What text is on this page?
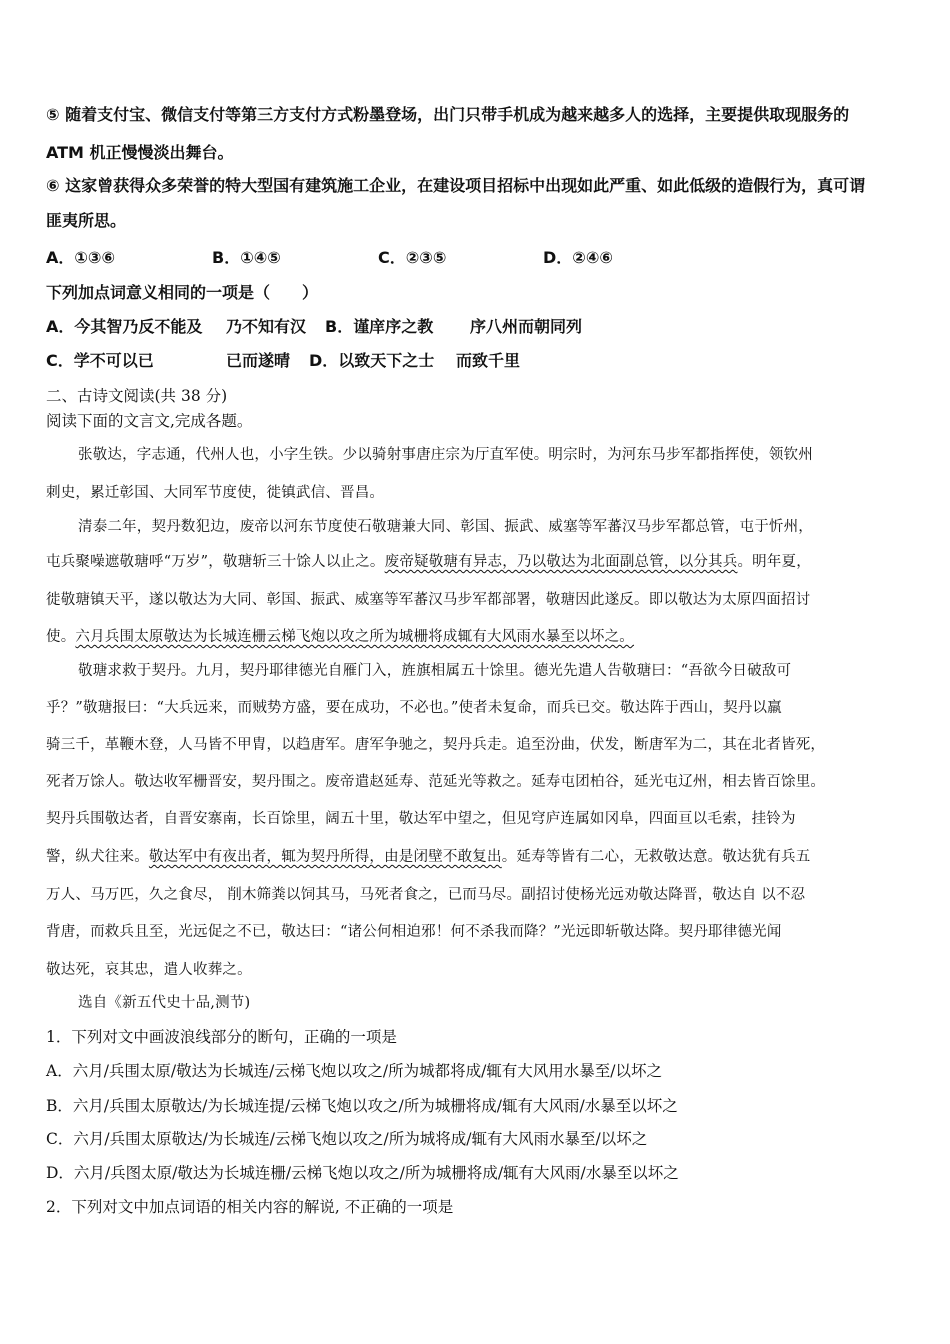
⑤ 随着支付宝、微信支付等第三方支付方式粉墨登场，出门只带手机成为越来越多人的选择，主要提供取现服务的
ATM 机正慢慢淡出舞台。
⑥ 这家曾获得众多荣誉的特大型国有建筑施工企业，在建设项目招标中出现如此严重、如此低级的造假行为，真可谓
匪夷所思。
A．①③⑥	B．①④⑤	C．②③⑤	D．②④⑥
下列加点词意义相同的一项是（　　）
A．今其智乃反不能及 乃不知有汉 B．谨庠序之教 序八州而朝同列
C．学不可以已	已而遂晴 D．以致天下之士 而致千里
二、古诗文阅读(共 38 分)
阅读下面的文言文,完成各题。
张敬达，字志通，代州人也，小字生铁。少以骑射事唐庄宗为厅直军使。明宗时，为河东马步军都指挥使，领钦州
刺史，累迁彰国、大同军节度使，徙镇武信、晋昌。
清泰二年，契丹数犯边，废帝以河东节度使石敬瑭兼大同、彰国、振武、威塞等军蕃汉马步军都总管，屯于忻州，
屯兵聚噪遮敬瑭呼“万岁”，敬瑭斩三十馀人以止之。废帝疑敬瑭有异志，乃以敬达为北面副总管，以分其兵。明年夏，
徙敬瑭镇天平，遂以敬达为大同、彰国、振武、威塞等军蕃汉马步军都部署，敬瑭因此遂反。即以敬达为太原四面招讨
使。六月兵围太原敬达为长城连栅云梯飞炮以攻之所为城栅将成辄有大风雨水暴至以坏之。
敬瑭求救于契丹。九月，契丹耶律德光自雁门入，旌旗相属五十馀里。德光先遣人告敬瑭曰：“吾欲今日破敌可
乎？”敬瑭报曰：“大兵远来，而贼势方盛，要在成功，不必也。”使者未复命，而兵已交。敬达阵于西山，契丹以羸
骑三千，革鞭木登，人马皆不甲胄，以趋唐军。唐军争驰之，契丹兵走。追至汾曲，伏发，断唐军为二，其在北者皆死，
死者万馀人。敬达收军栅晋安，契丹围之。废帝遣赵延寿、范延光等救之。延寿屯团柏谷，延光屯辽州，相去皆百馀里。
契丹兵围敬达者，自晋安寨南，长百馀里，阔五十里，敬达军中望之，但见穹庐连属如冈阜，四面亘以毛索，挂铃为
警，纵犬往来。敬达军中有夜出者，辄为契丹所得，由是闭壁不敢复出。延寿等皆有二心，无救敬达意。敬达犹有兵五
万人、马万匹，久之食尽， 削木筛粪以饲其马，马死者食之，已而马尽。副招讨使杨光远劝敬达降晋，敬达自 以不忍
背唐，而救兵且至，光远促之不已，敬达曰：“诸公何相迫邪！何不杀我而降？”光远即斩敬达降。契丹耶律德光闻
敬达死，哀其忠，遣人收葬之。
选自《新五代史十品,测节)
1．下列对文中画波浪线部分的断句，正确的一项是
A．六月/兵围太原/敬达为长城连/云梯飞炮以攻之/所为城都将成/辄有大风用水暴至/以坏之
B．六月/兵围太原敬达/为长城连提/云梯飞炮以攻之/所为城栅将成/辄有大风雨/水暴至以坏之
C．六月/兵围太原敬达/为长城连/云梯飞炮以攻之/所为城将成/辄有大风雨水暴至/以坏之
D．六月/兵图太原/敬达为长城连栅/云梯飞炮以攻之/所为城栅将成/辄有大风雨/水暴至以坏之
2．下列对文中加点词语的相关内容的解说, 不正确的一项是
